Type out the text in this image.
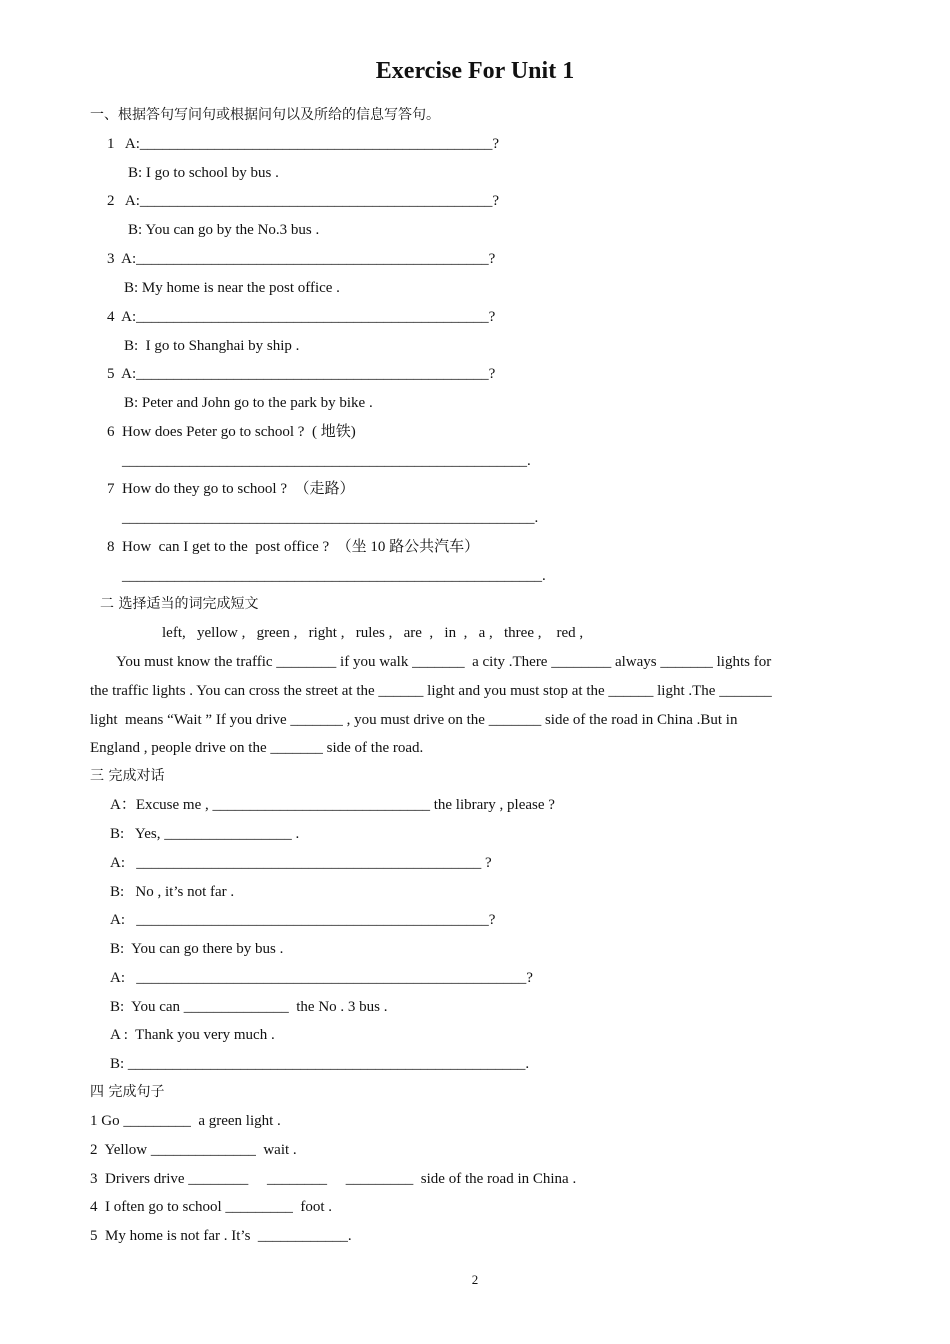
Exercise For Unit 1
一、根据答句写问句或根据问句以及所给的信息写答句。
1   A:_______________________________________________?
B: I go to school by bus .
2   A:_______________________________________________?
B: You can go by the No.3 bus .
3  A:_______________________________________________?
B: My home is near the post office .
4  A:_______________________________________________?
B:  I go to Shanghai by ship .
5  A:_______________________________________________?
B: Peter and John go to the park by bike .
6  How does Peter go to school ?  ( 地铁)
______________________________________________________.
7  How do they go to school ?  （走路）
_______________________________________________________.
8  How  can I get to the  post office ?  （坐 10 路公共汽车）
________________________________________________________.
二 选择适当的词完成短文
left,   yellow ,   green ,   right ,   rules ,   are  ,   in  ,   a ,   three ,    red ,
You must know the traffic ________ if you walk _______  a city .There ________ always _______ lights for
the traffic lights . You can cross the street at the ______ light and you must stop at the ______ light .The _______
light  means “Wait ” If you drive _______ , you must drive on the _______ side of the road in China .But in
England , people drive on the _______ side of the road.
三 完成对话
A：Excuse me , _____________________________ the library , please ?
B:   Yes, _________________ .
A:   ______________________________________________ ?
B:   No , it’s not far .
A:   _______________________________________________?
B:  You can go there by bus .
A:   ____________________________________________________?
B:  You can ______________  the No . 3 bus .
A :  Thank you very much .
B: _____________________________________________________.
四 完成句子
1 Go _________  a green light .
2  Yellow ______________  wait .
3  Drivers drive ________     ________     _________  side of the road in China .
4  I often go to school _________  foot .
5  My home is not far . It’s  ____________.
2
